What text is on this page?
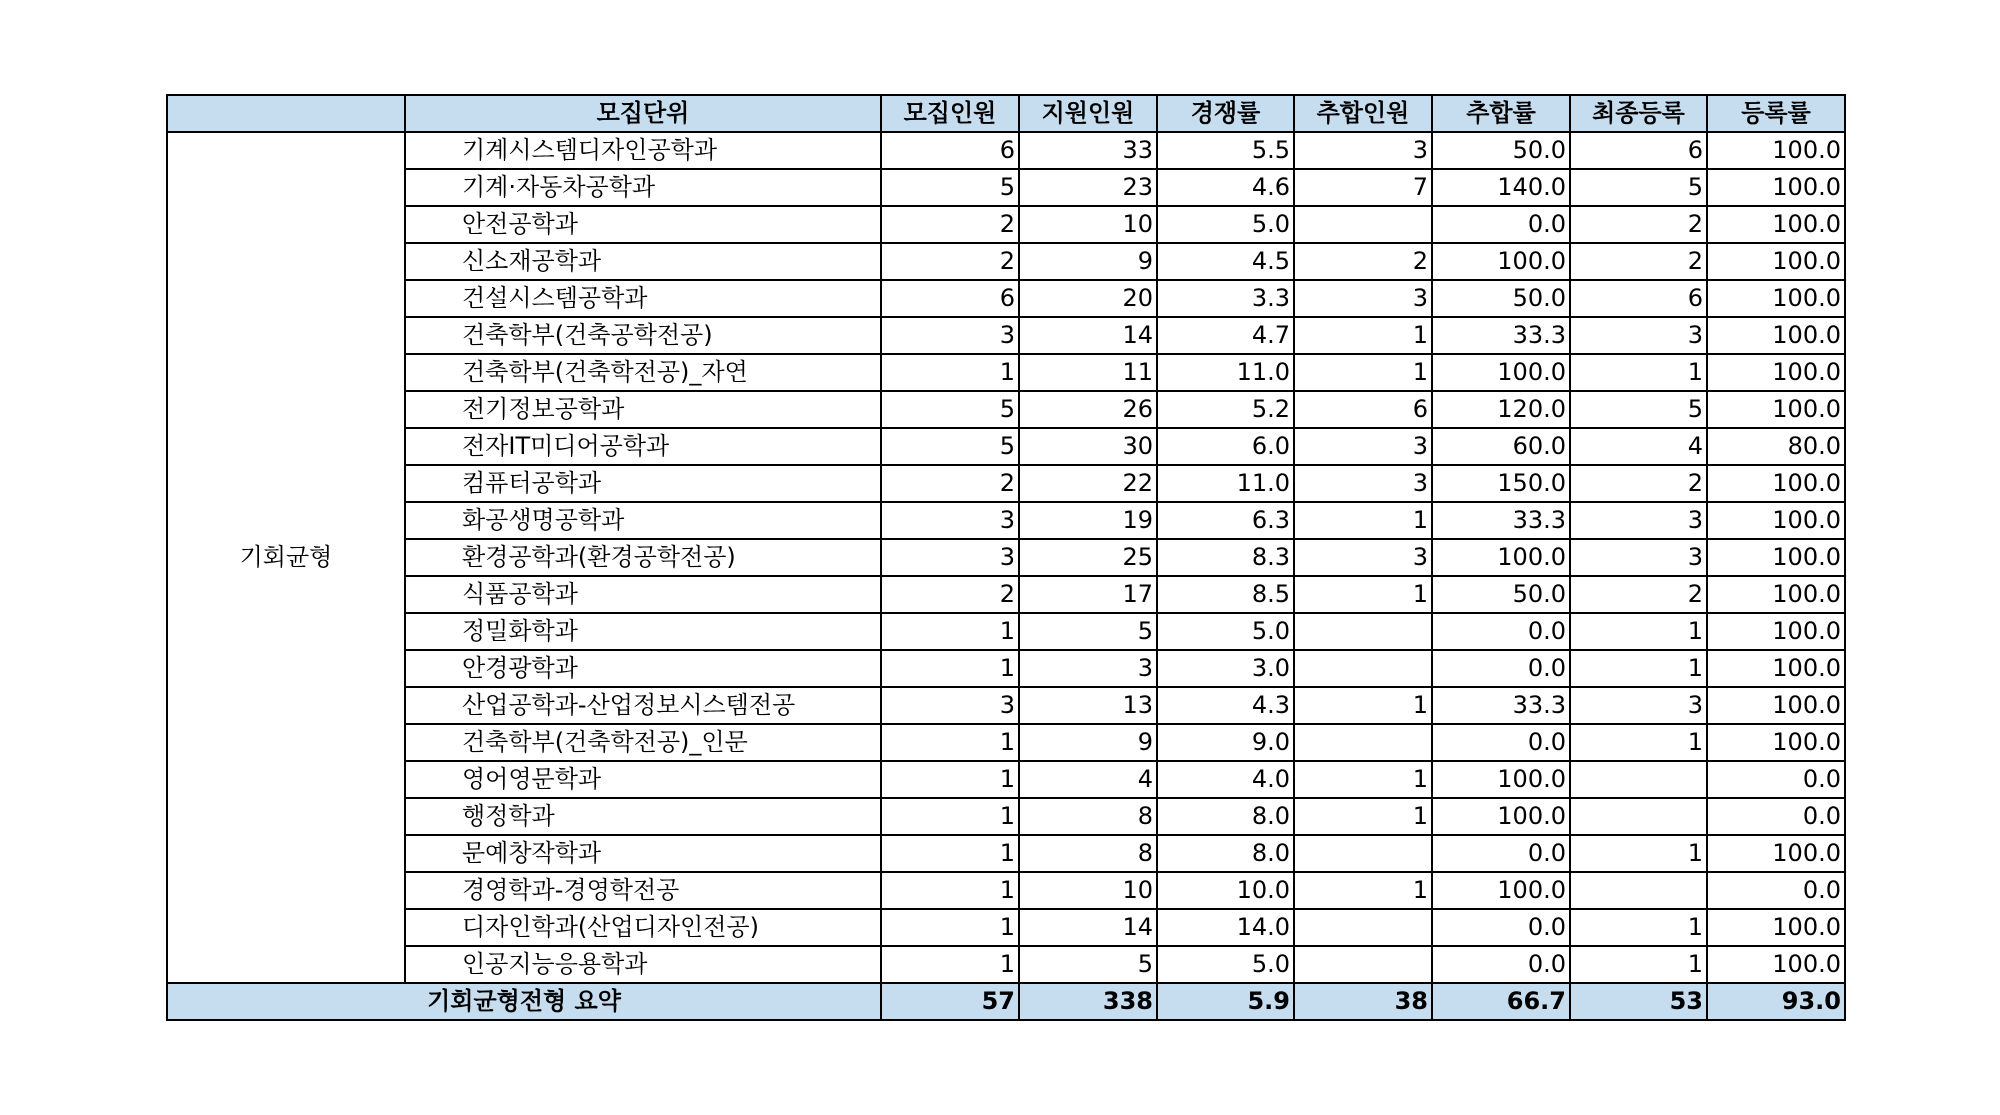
	모집단위	모집인원	지원인원	경쟁률	추합인원	추합률	최종등록	등록률
기회균형	기계시스템디자인공학과	6	33	5.5	3	50.0	6	100.0
	기계·자동차공학과	5	23	4.6	7	140.0	5	100.0
	안전공학과	2	10	5.0		0.0	2	100.0
	신소재공학과	2	9	4.5	2	100.0	2	100.0
	건설시스템공학과	6	20	3.3	3	50.0	6	100.0
	건축학부(건축공학전공)	3	14	4.7	1	33.3	3	100.0
	건축학부(건축학전공)_자연	1	11	11.0	1	100.0	1	100.0
	전기정보공학과	5	26	5.2	6	120.0	5	100.0
	전자IT미디어공학과	5	30	6.0	3	60.0	4	80.0
	컴퓨터공학과	2	22	11.0	3	150.0	2	100.0
	화공생명공학과	3	19	6.3	1	33.3	3	100.0
	환경공학과(환경공학전공)	3	25	8.3	3	100.0	3	100.0
	식품공학과	2	17	8.5	1	50.0	2	100.0
	정밀화학과	1	5	5.0		0.0	1	100.0
	안경광학과	1	3	3.0		0.0	1	100.0
	산업공학과-산업정보시스템전공	3	13	4.3	1	33.3	3	100.0
	건축학부(건축학전공)_인문	1	9	9.0		0.0	1	100.0
	영어영문학과	1	4	4.0	1	100.0		0.0
	행정학과	1	8	8.0	1	100.0		0.0
	문예창작학과	1	8	8.0		0.0	1	100.0
	경영학과-경영학전공	1	10	10.0	1	100.0		0.0
	디자인학과(산업디자인전공)	1	14	14.0		0.0	1	100.0
	인공지능응용학과	1	5	5.0		0.0	1	100.0
기회균형전형 요약		57	338	5.9	38	66.7	53	93.0
